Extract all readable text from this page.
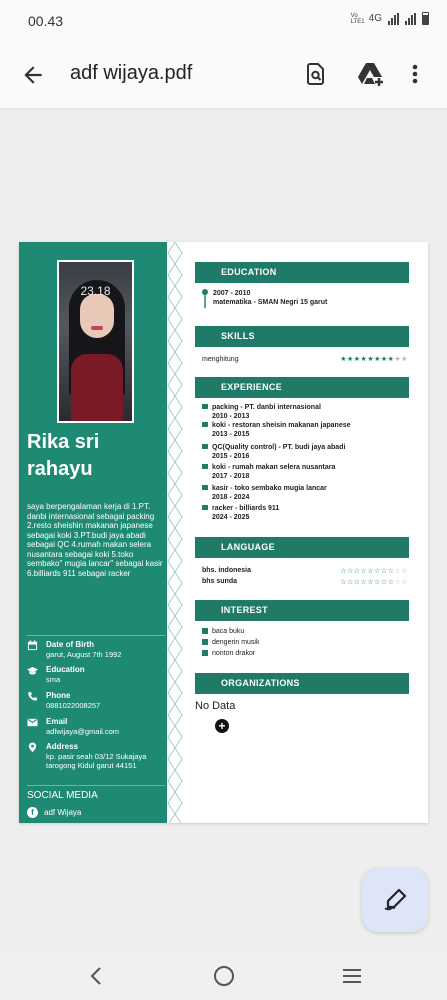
00.43	Vo LTE1 4G
adf wijaya.pdf
23.18
Rika sri rahayu
saya berpengalaman kerja di 1.PT. danbi internasional sebagai packing 2.resto sheishin makanan japanese sebagai koki 3.PT.budi jaya abadi sebagai QC 4.rumah makan selera nusantara sebagai koki 5.toko sembako" mugia lancar" sebagai kasir 6.billiards 911 sebagai racker
Date of Birth
garut, August 7th 1992
Education
sma
Phone
0881022008257
Email
adfwijaya@gmail.com
Address
kp. pasir seah 03/12 Sukajaya tarogong Kidul garut 44151
SOCIAL MEDIA
f	adf Wijaya
EDUCATION
2007 - 2010
matematika - SMAN Negri 15 garut
SKILLS
menghitung	★★★★★★★★★★
EXPERIENCE
packing - PT. danbi internasional
2010 - 2013
koki - restoran sheisin makanan japanese
2013 - 2015
QC(Quality control) - PT. budi jaya abadi
2015 - 2016
koki - rumah makan selera nusantara
2017 - 2018
kasir - toko sembako mugia lancar
2018 - 2024
racker - billiards 911
2024 - 2025
LANGUAGE
bhs. indonesia	☆☆☆☆☆☆☆☆☆☆
bhs sunda	☆☆☆☆☆☆☆☆☆☆
INTEREST
baca buku
dengerin musik
nonton drakor
ORGANIZATIONS
No Data
+
